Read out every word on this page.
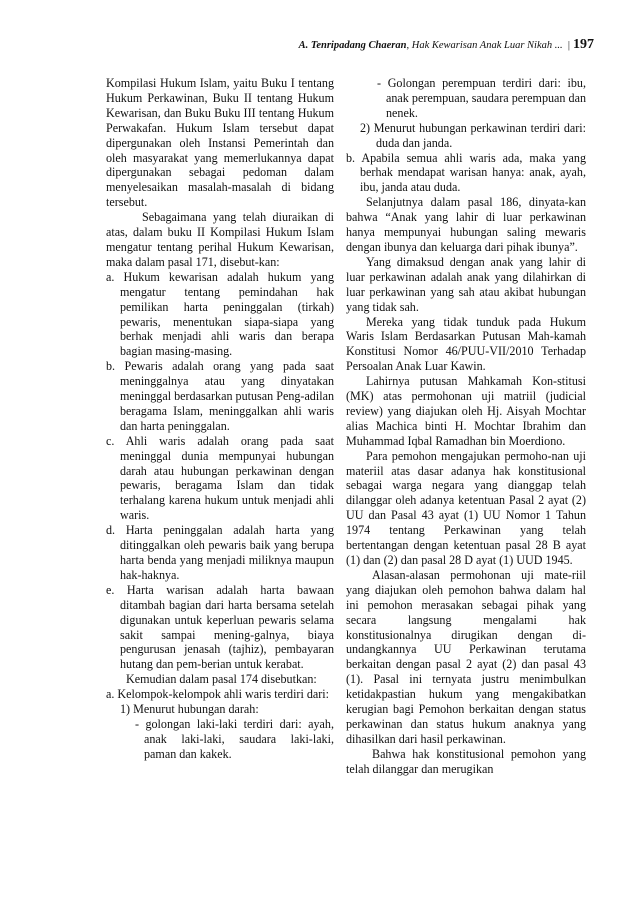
A. Tenripadang Chaeran, Hak Kewarisan Anak Luar Nikah ...  | 197

Kompilasi Hukum Islam, yaitu Buku I tentang Hukum Perkawinan, Buku II tentang Hukum Kewarisan, dan Buku Buku III tentang Hukum Perwakafan. Hukum Islam tersebut dapat dipergunakan oleh Instansi Pemerintah dan oleh masyarakat yang memerlukannya dapat dipergunakan sebagai pedoman dalam menyelesaikan masalah-masalah di bidang tersebut.

Sebagaimana yang telah diuraikan di atas, dalam buku II Kompilasi Hukum Islam mengatur tentang perihal Hukum Kewarisan, maka dalam pasal 171, disebut-kan:

a. Hukum kewarisan adalah hukum yang mengatur tentang pemindahan hak pemilikan harta peninggalan (tirkah) pewaris, menentukan siapa-siapa yang berhak menjadi ahli waris dan berapa bagian masing-masing.

b. Pewaris adalah orang yang pada saat meninggalnya atau yang dinyatakan meninggal berdasarkan putusan Peng-adilan beragama Islam, meninggalkan ahli waris dan harta peninggalan.

c. Ahli waris adalah orang pada saat meninggal dunia mempunyai hubungan darah atau hubungan perkawinan dengan pewaris, beragama Islam dan tidak terhalang karena hukum untuk menjadi ahli waris.

d. Harta peninggalan adalah harta yang ditinggalkan oleh pewaris baik yang berupa harta benda yang menjadi miliknya maupun hak-haknya.

e. Harta warisan adalah harta bawaan ditambah bagian dari harta bersama setelah digunakan untuk keperluan pewaris selama sakit sampai mening-galnya, biaya pengurusan jenasah (tajhiz), pembayaran hutang dan pem-berian untuk kerabat.

Kemudian dalam pasal 174 disebutkan:

a. Kelompok-kelompok ahli waris terdiri dari:

1) Menurut hubungan darah:

- golongan laki-laki terdiri dari: ayah, anak laki-laki, saudara laki-laki, paman dan kakek.

- Golongan perempuan terdiri dari: ibu, anak perempuan, saudara perempuan dan nenek.

2) Menurut hubungan perkawinan terdiri dari: duda dan janda.

b. Apabila semua ahli waris ada, maka yang berhak mendapat warisan hanya: anak, ayah, ibu, janda atau duda.

Selanjutnya dalam pasal 186, dinyata-kan bahwa “Anak yang lahir di luar perkawinan hanya mempunyai hubungan saling mewaris dengan ibunya dan keluarga dari pihak ibunya”.

Yang dimaksud dengan anak yang lahir di luar perkawinan adalah anak yang dilahirkan di luar perkawinan yang sah atau akibat hubungan yang tidak sah.

Mereka yang tidak tunduk pada Hukum Waris Islam Berdasarkan Putusan Mah-kamah Konstitusi Nomor 46/PUU-VII/2010 Terhadap Persoalan Anak Luar Kawin.

Lahirnya putusan Mahkamah Kon-stitusi (MK) atas permohonan uji matriil (judicial review) yang diajukan oleh Hj. Aisyah Mochtar alias Machica binti H. Mochtar Ibrahim dan Muhammad Iqbal Ramadhan bin Moerdiono.

Para pemohon mengajukan permoho-nan uji materiil atas dasar adanya hak konstitusional sebagai warga negara yang dianggap telah dilanggar oleh adanya ketentuan Pasal 2 ayat (2) UU dan Pasal 43 ayat (1) UU Nomor 1 Tahun 1974 tentang Perkawinan yang telah bertentangan dengan ketentuan pasal 28 B ayat (1) dan (2) dan pasal 28 D ayat (1) UUD 1945.

Alasan-alasan permohonan uji mate-riil yang diajukan oleh pemohon bahwa dalam hal ini pemohon merasakan sebagai pihak yang secara langsung mengalami hak konstitusionalnya dirugikan dengan di-undangkannya UU Perkawinan terutama berkaitan dengan pasal 2 ayat (2) dan pasal 43 (1). Pasal ini ternyata justru menimbulkan ketidakpastian hukum yang mengakibatkan kerugian bagi Pemohon berkaitan dengan status perkawinan dan status hukum anaknya yang dihasilkan dari hasil perkawinan.

Bahwa hak konstitusional pemohon yang telah dilanggar dan merugikan
